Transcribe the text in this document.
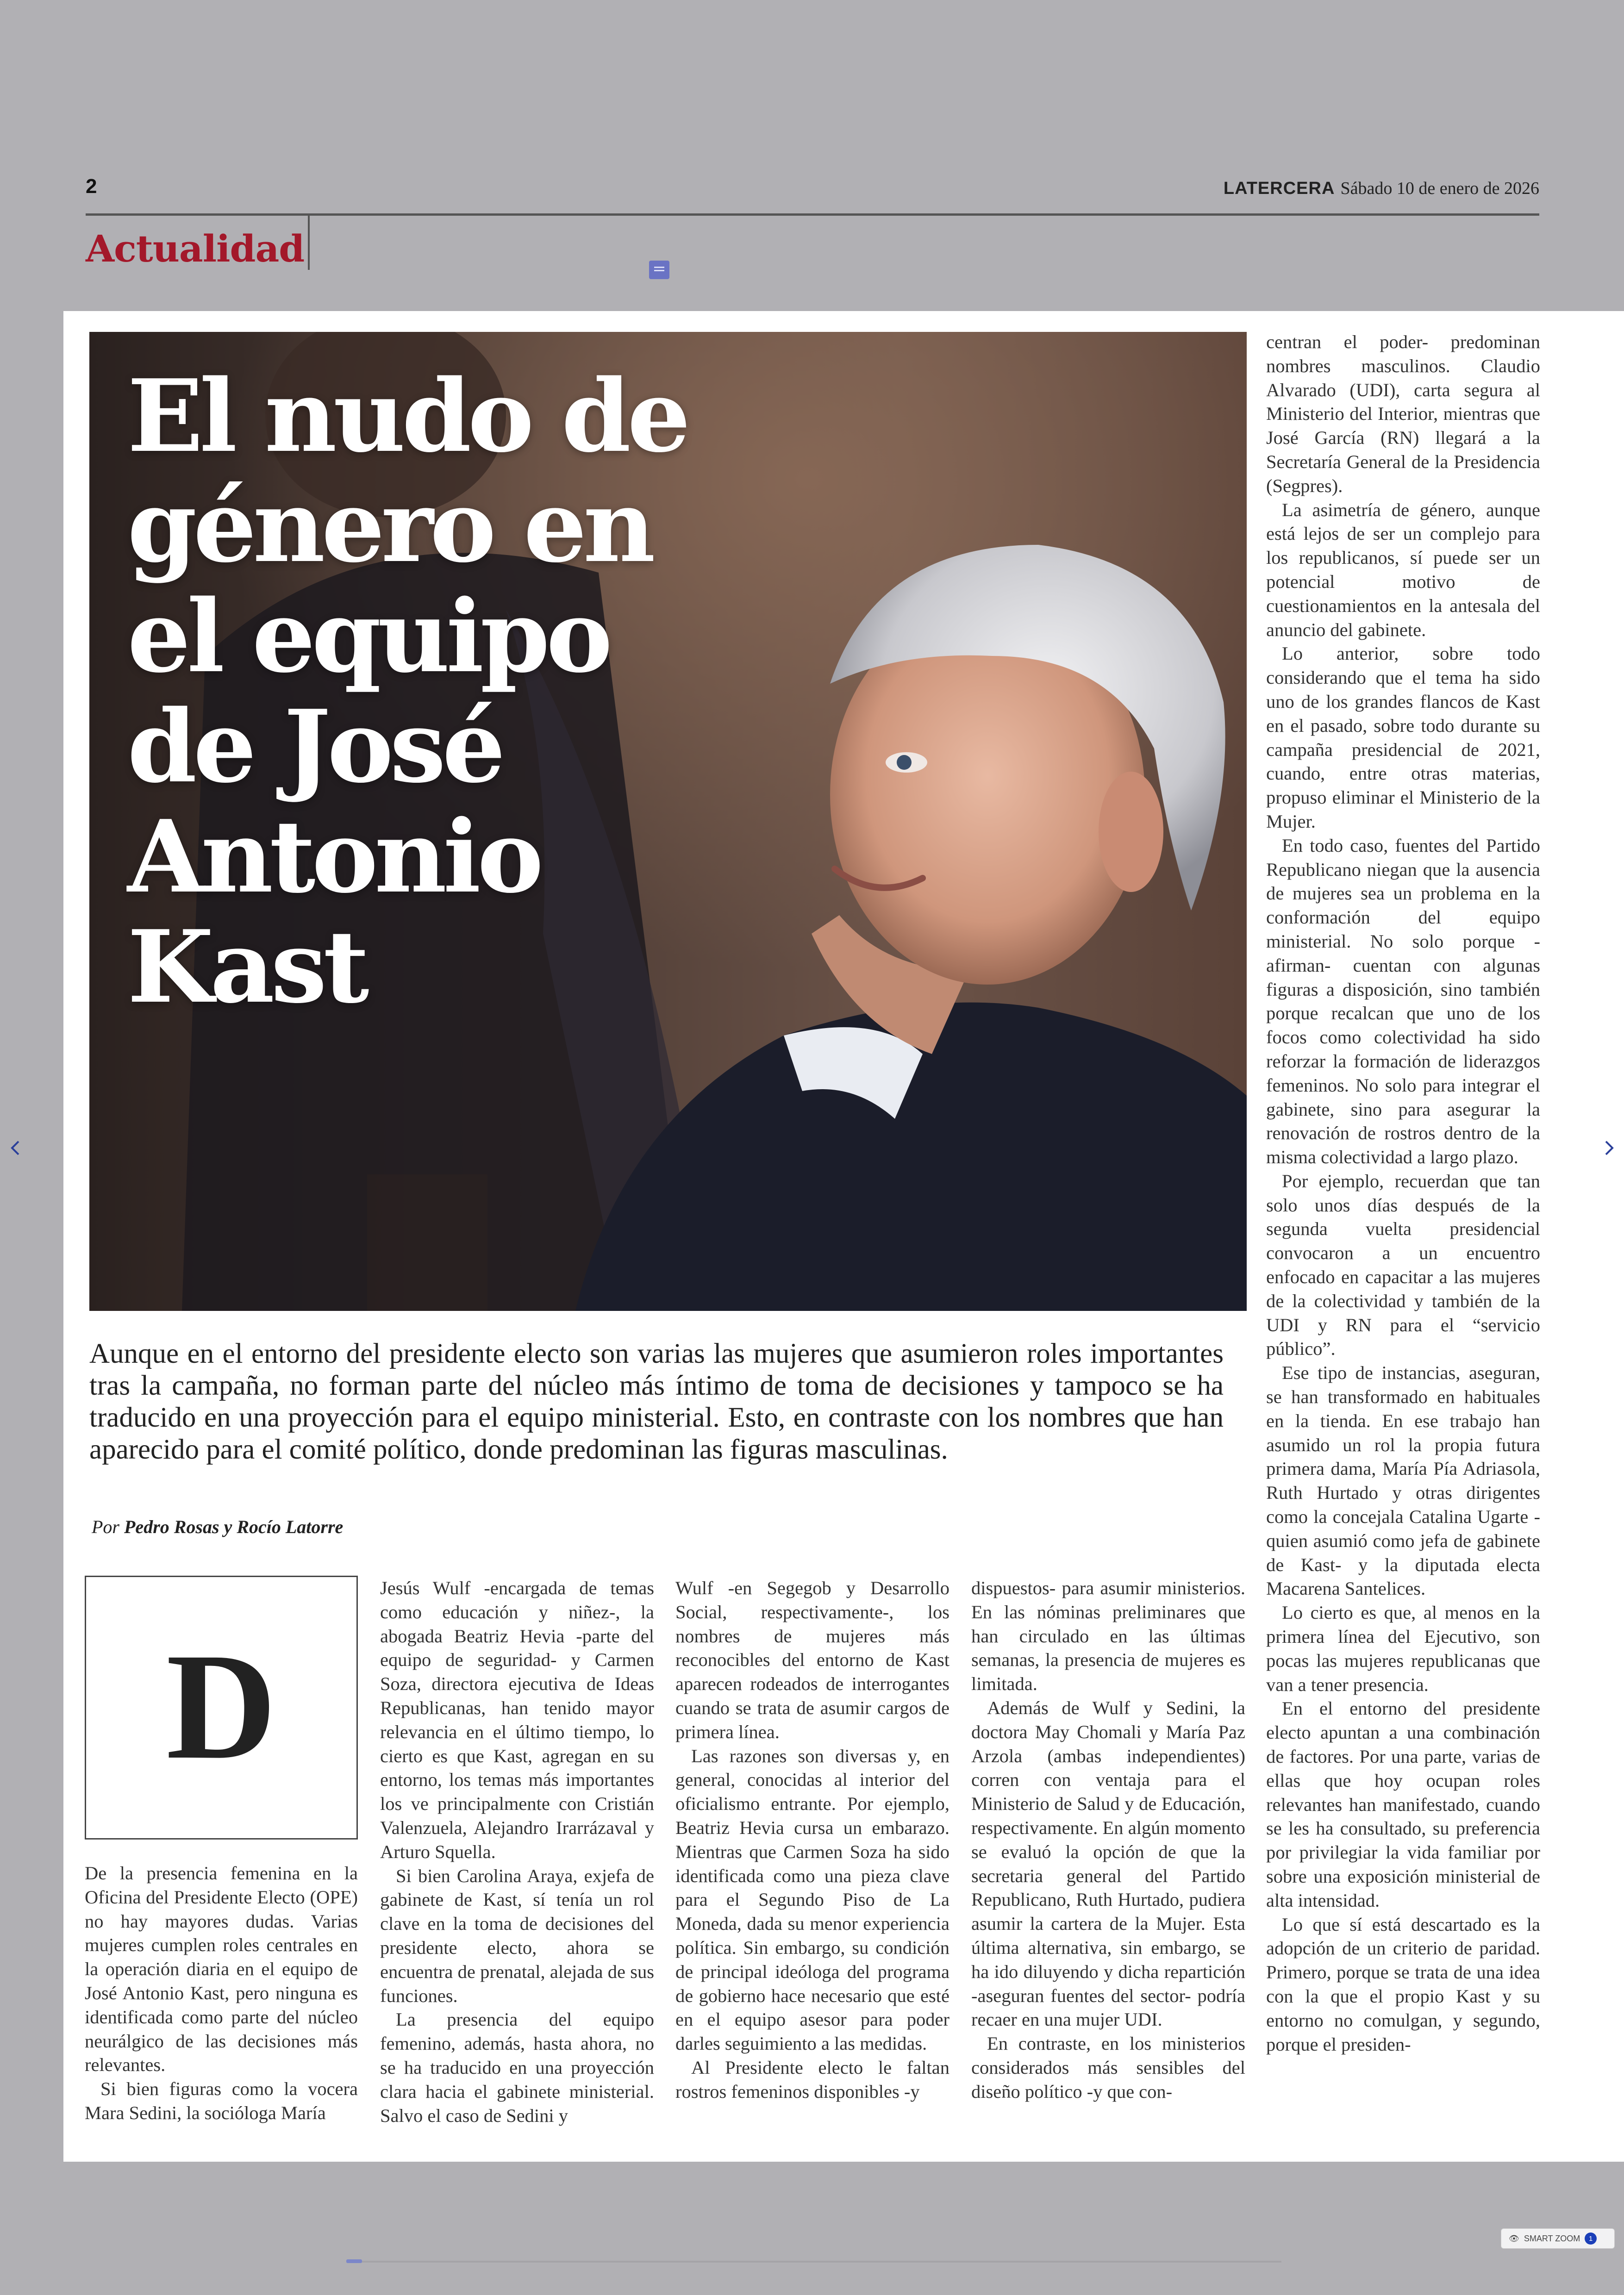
2	LATERCERA Sábado 10 de enero de 2026
Actualidad
El nudo de
género en
el equipo
de José
Antonio
Kast
Aunque en el entorno del presidente electo son varias las mujeres que asumieron roles importantes tras la campaña, no forman parte del núcleo más íntimo de toma de decisiones y tampoco se ha traducido en una proyección para el equipo ministerial. Esto, en contraste con los nombres que han aparecido para el comité político, donde predominan las figuras masculinas.
Por Pedro Rosas y Rocío Latorre
D

De la presencia femenina en la Oficina del Presidente Electo (OPE) no hay mayores dudas. Varias mujeres cumplen roles centrales en la operación diaria en el equipo de José Antonio Kast, pero ninguna es identificada como parte del núcleo neurálgico de las decisiones más relevantes.

Si bien figuras como la vocera Mara Sedini, la socióloga María

Jesús Wulf -encargada de temas como educación y niñez-, la abogada Beatriz Hevia -parte del equipo de seguridad- y Carmen Soza, directora ejecutiva de Ideas Republicanas, han tenido mayor relevancia en el último tiempo, lo cierto es que Kast, agregan en su entorno, los temas más importantes los ve principalmente con Cristián Valenzuela, Alejandro Irarrázaval y Arturo Squella.

Si bien Carolina Araya, exjefa de gabinete de Kast, sí tenía un rol clave en la toma de decisiones del presidente electo, ahora se encuentra de prenatal, alejada de sus funciones.

La presencia del equipo femenino, además, hasta ahora, no se ha traducido en una proyección clara hacia el gabinete ministerial. Salvo el caso de Sedini y

Wulf -en Segegob y Desarrollo Social, respectivamente-, los nombres de mujeres más reconocibles del entorno de Kast aparecen rodeados de interrogantes cuando se trata de asumir cargos de primera línea.

Las razones son diversas y, en general, conocidas al interior del oficialismo entrante. Por ejemplo, Beatriz Hevia cursa un embarazo. Mientras que Carmen Soza ha sido identificada como una pieza clave para el Segundo Piso de La Moneda, dada su menor experiencia política. Sin embargo, su condición de principal ideóloga del programa de gobierno hace necesario que esté en el equipo asesor para poder darles seguimiento a las medidas.

Al Presidente electo le faltan rostros femeninos disponibles -y

dispuestos- para asumir ministerios. En las nóminas preliminares que han circulado en las últimas semanas, la presencia de mujeres es limitada.

Además de Wulf y Sedini, la doctora May Chomali y María Paz Arzola (ambas independientes) corren con ventaja para el Ministerio de Salud y de Educación, respectivamente. En algún momento se evaluó la opción de que la secretaria general del Partido Republicano, Ruth Hurtado, pudiera asumir la cartera de la Mujer. Esta última alternativa, sin embargo, se ha ido diluyendo y dicha repartición -aseguran fuentes del sector- podría recaer en una mujer UDI.

En contraste, en los ministerios considerados más sensibles del diseño político -y que con-

centran el poder- predominan nombres masculinos. Claudio Alvarado (UDI), carta segura al Ministerio del Interior, mientras que José García (RN) llegará a la Secretaría General de la Presidencia (Segpres).

La asimetría de género, aunque está lejos de ser un complejo para los republicanos, sí puede ser un potencial motivo de cuestionamientos en la antesala del anuncio del gabinete.

Lo anterior, sobre todo considerando que el tema ha sido uno de los grandes flancos de Kast en el pasado, sobre todo durante su campaña presidencial de 2021, cuando, entre otras materias, propuso eliminar el Ministerio de la Mujer.

En todo caso, fuentes del Partido Republicano niegan que la ausencia de mujeres sea un problema en la conformación del equipo ministerial. No solo porque -afirman- cuentan con algunas figuras a disposición, sino también porque recalcan que uno de los focos como colectividad ha sido reforzar la formación de liderazgos femeninos. No solo para integrar el gabinete, sino para asegurar la renovación de rostros dentro de la misma colectividad a largo plazo.

Por ejemplo, recuerdan que tan solo unos días después de la segunda vuelta presidencial convocaron a un encuentro enfocado en capacitar a las mujeres de la colectividad y también de la UDI y RN para el “servicio público”.

Ese tipo de instancias, aseguran, se han transformado en habituales en la tienda. En ese trabajo han asumido un rol la propia futura primera dama, María Pía Adriasola, Ruth Hurtado y otras dirigentes como la concejala Catalina Ugarte -quien asumió como jefa de gabinete de Kast- y la diputada electa Macarena Santelices.

Lo cierto es que, al menos en la primera línea del Ejecutivo, son pocas las mujeres republicanas que van a tener presencia.

En el entorno del presidente electo apuntan a una combinación de factores. Por una parte, varias de ellas que hoy ocupan roles relevantes han manifestado, cuando se les ha consultado, su preferencia por privilegiar la vida familiar por sobre una exposición ministerial de alta intensidad.

Lo que sí está descartado es la adopción de un criterio de paridad. Primero, porque se trata de una idea con la que el propio Kast y su entorno no comulgan, y segundo, porque el presiden-

👁 SMART ZOOM	1
